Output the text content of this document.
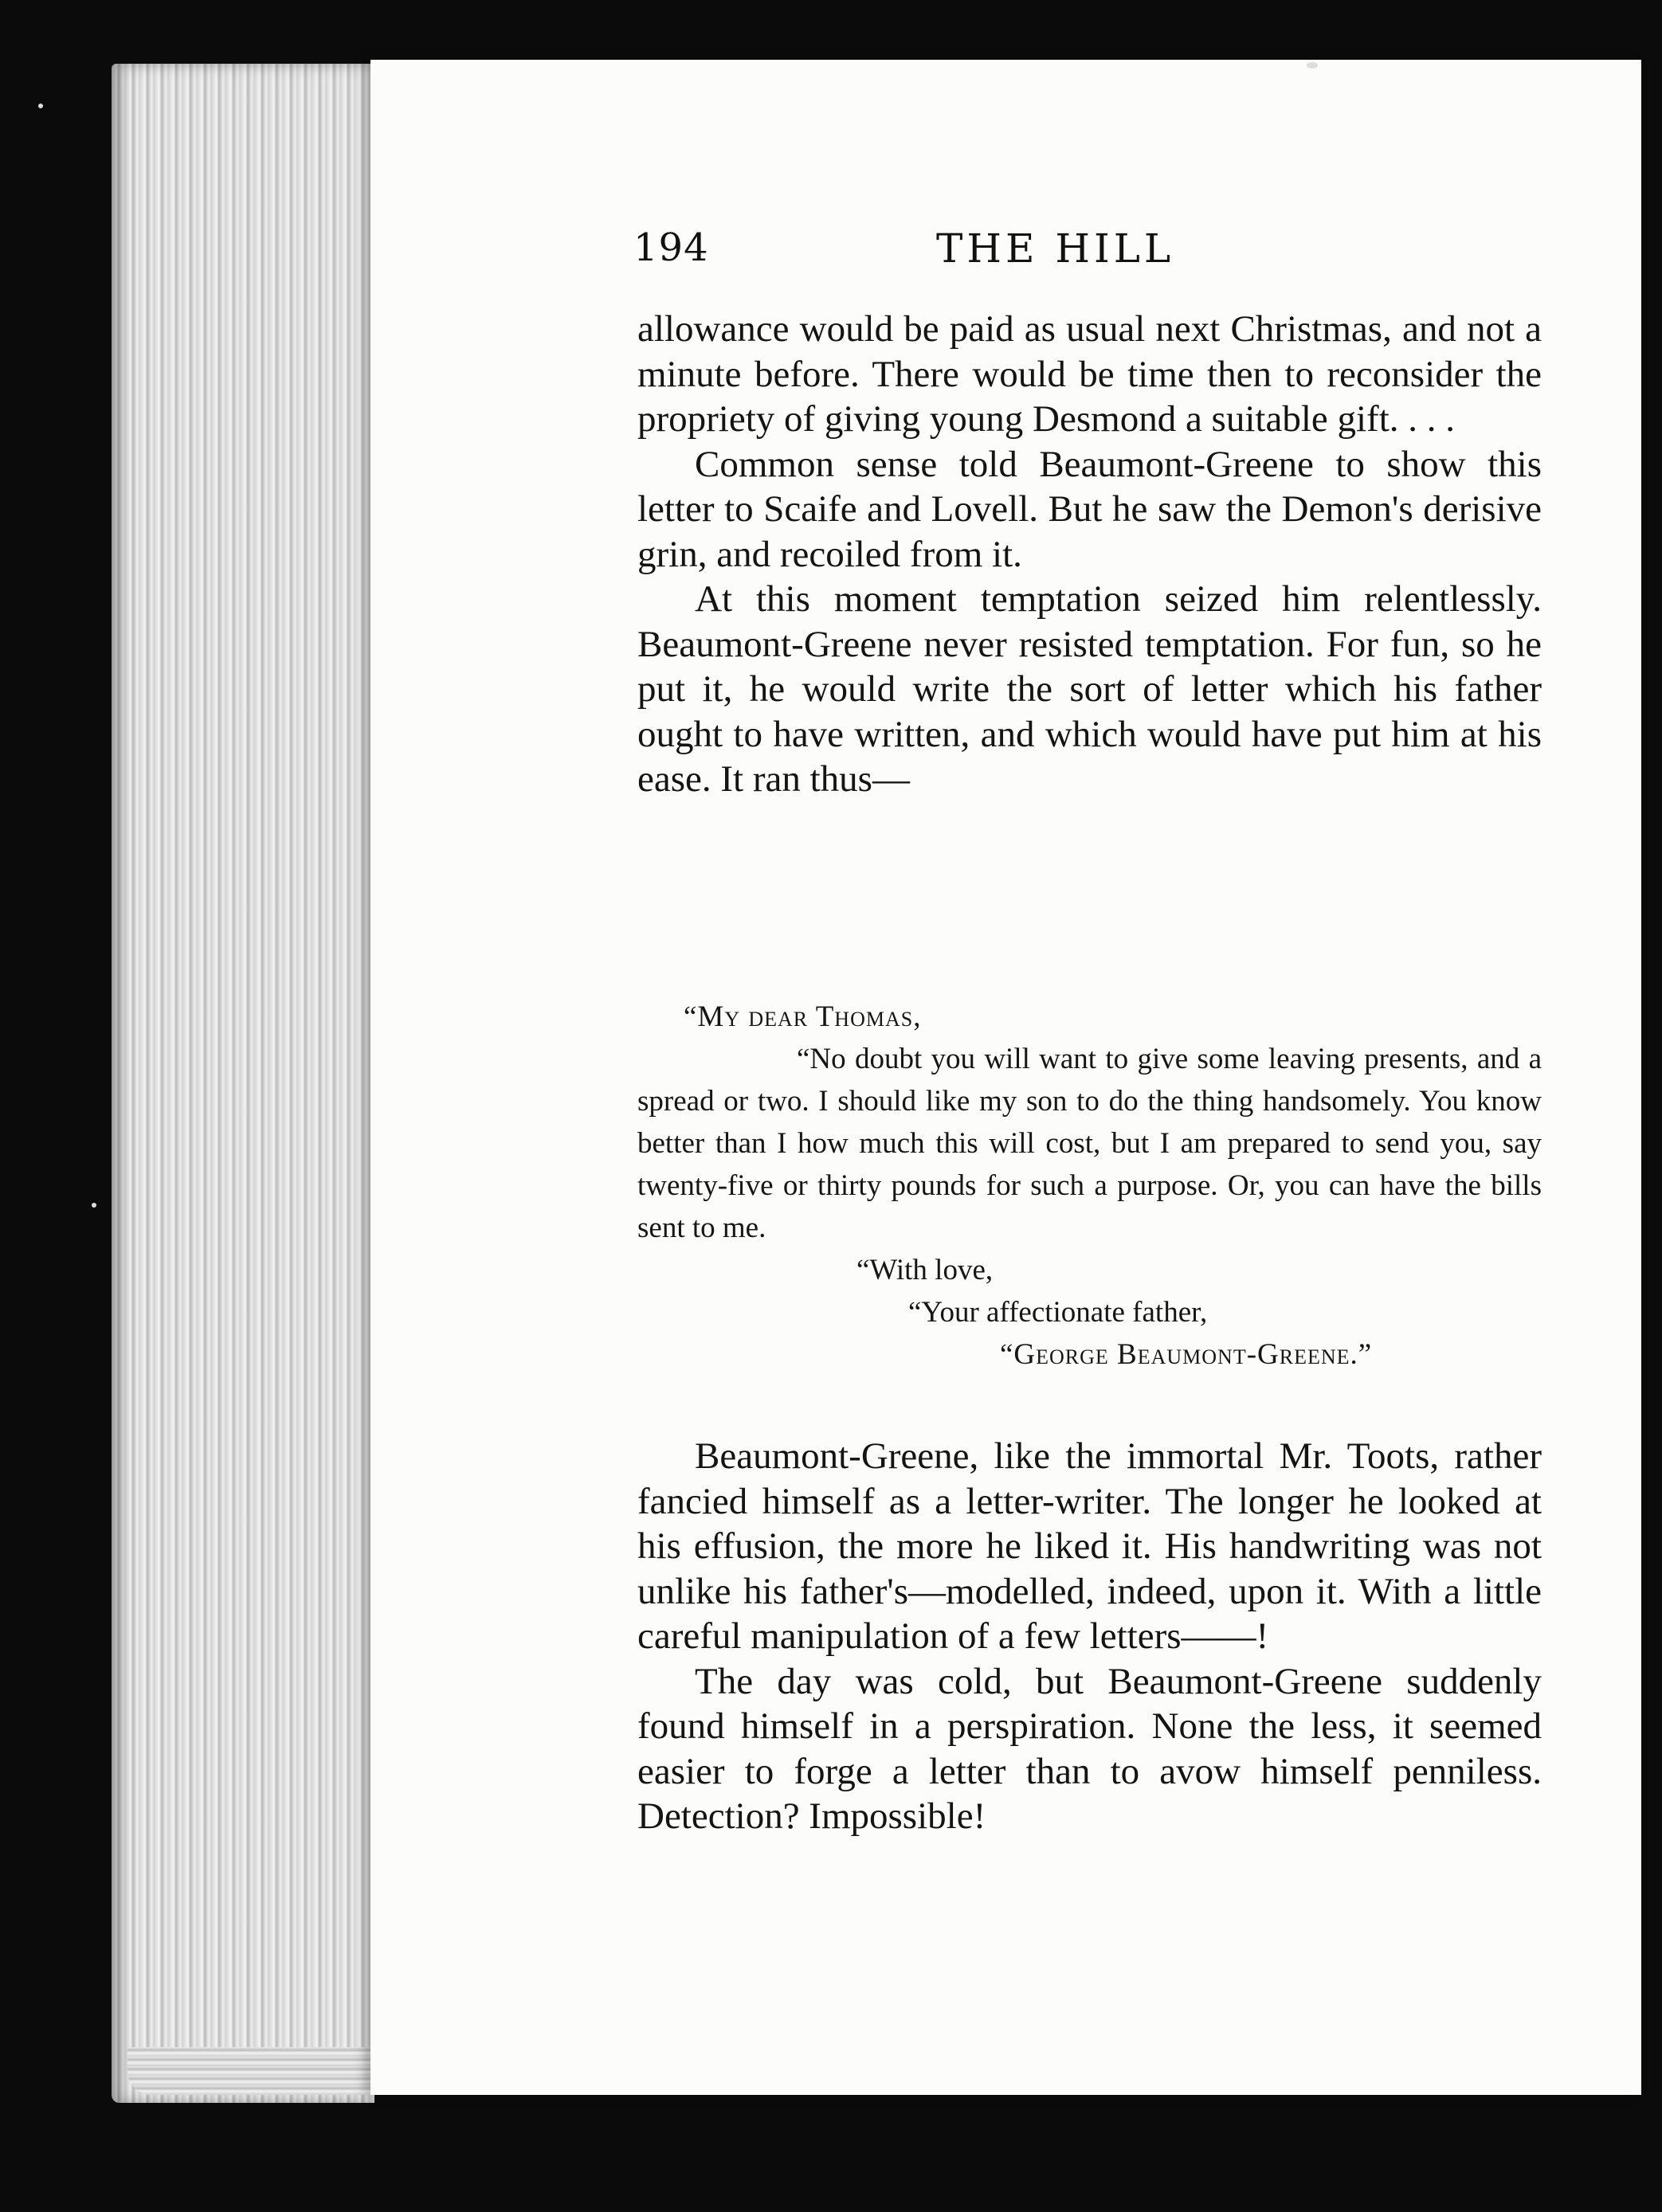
194	THE HILL

allowance would be paid as usual next Christmas, and not a minute before. There would be time then to reconsider the propriety of giving young Desmond a suitable gift. . . .

Common sense told Beaumont-Greene to show this letter to Scaife and Lovell. But he saw the Demon's derisive grin, and recoiled from it.

At this moment temptation seized him relentlessly. Beaumont-Greene never resisted temptation. For fun, so he put it, he would write the sort of letter which his father ought to have written, and which would have put him at his ease. It ran thus—

“My dear Thomas,

“No doubt you will want to give some leaving presents, and a spread or two. I should like my son to do the thing handsomely. You know better than I how much this will cost, but I am prepared to send you, say twenty-five or thirty pounds for such a purpose. Or, you can have the bills sent to me.

“With love,

“Your affectionate father,

“George Beaumont-Greene.”

Beaumont-Greene, like the immortal Mr. Toots, rather fancied himself as a letter-writer. The longer he looked at his effusion, the more he liked it. His handwriting was not unlike his father's—modelled, indeed, upon it. With a little careful manipulation of a few letters——!

The day was cold, but Beaumont-Greene suddenly found himself in a perspiration. None the less, it seemed easier to forge a letter than to avow himself penniless. Detection? Impossible!
